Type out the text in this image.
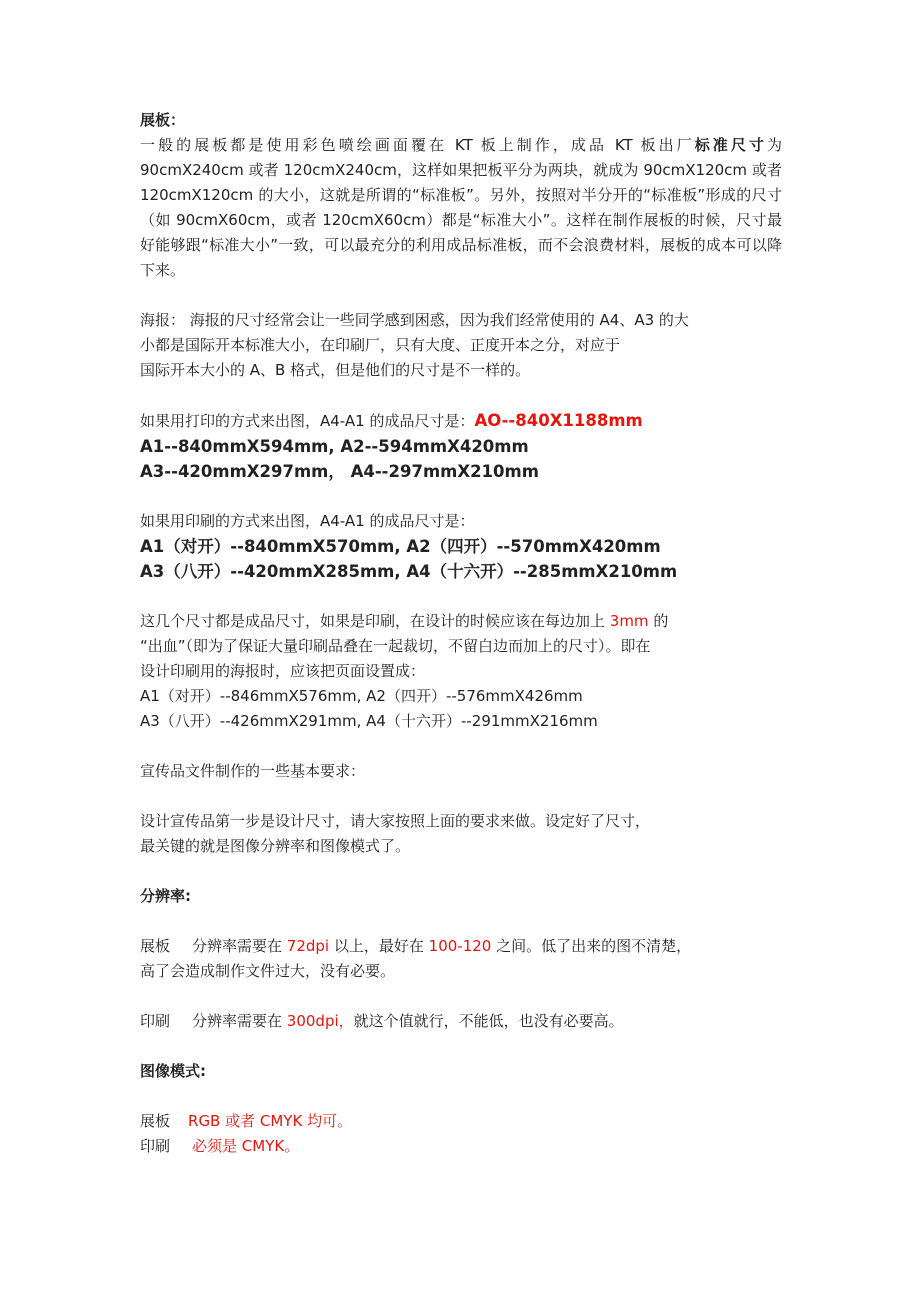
展板：
一般的展板都是使用彩色喷绘画面覆在 KT 板上制作，成品 KT 板出厂标准尺寸为 90cmX240cm 或者 120cmX240cm，这样如果把板平分为两块，就成为 90cmX120cm 或者 120cmX120cm 的大小，这就是所谓的“标准板”。另外，按照对半分开的“标准板”形成的尺寸（如 90cmX60cm，或者 120cmX60cm）都是“标准大小”。这样在制作展板的时候，尺寸最好能够跟“标准大小”一致，可以最充分的利用成品标准板，而不会浪费材料，展板的成本可以降下来。
海报： 海报的尺寸经常会让一些同学感到困惑，因为我们经常使用的 A4、A3 的大
小都是国际开本标准大小，在印刷厂，只有大度、正度开本之分，对应于
国际开本大小的 A、B 格式，但是他们的尺寸是不一样的。
如果用打印的方式来出图，A4-A1 的成品尺寸是：AO--840X1188mm
A1--840mmX594mm, A2--594mmX420mm
A3--420mmX297mm， A4--297mmX210mm
如果用印刷的方式来出图，A4-A1 的成品尺寸是：
A1（对开）--840mmX570mm, A2（四开）--570mmX420mm
A3（八开）--420mmX285mm, A4（十六开）--285mmX210mm
这几个尺寸都是成品尺寸，如果是印刷，在设计的时候应该在每边加上 3mm 的
“出血”（即为了保证大量印刷品叠在一起裁切，不留白边而加上的尺寸）。即在
设计印刷用的海报时，应该把页面设置成：
A1（对开）--846mmX576mm, A2（四开）--576mmX426mm
A3（八开）--426mmX291mm, A4（十六开）--291mmX216mm
宣传品文件制作的一些基本要求：
设计宣传品第一步是设计尺寸，请大家按照上面的要求来做。设定好了尺寸，
最关键的就是图像分辨率和图像模式了。
分辨率:
展板 分辨率需要在 72dpi 以上，最好在 100-120 之间。低了出来的图不清楚，
高了会造成制作文件过大，没有必要。
印刷 分辨率需要在 300dpi，就这个值就行，不能低，也没有必要高。
图像模式:
展板 RGB 或者 CMYK 均可。
印刷 必须是 CMYK。
